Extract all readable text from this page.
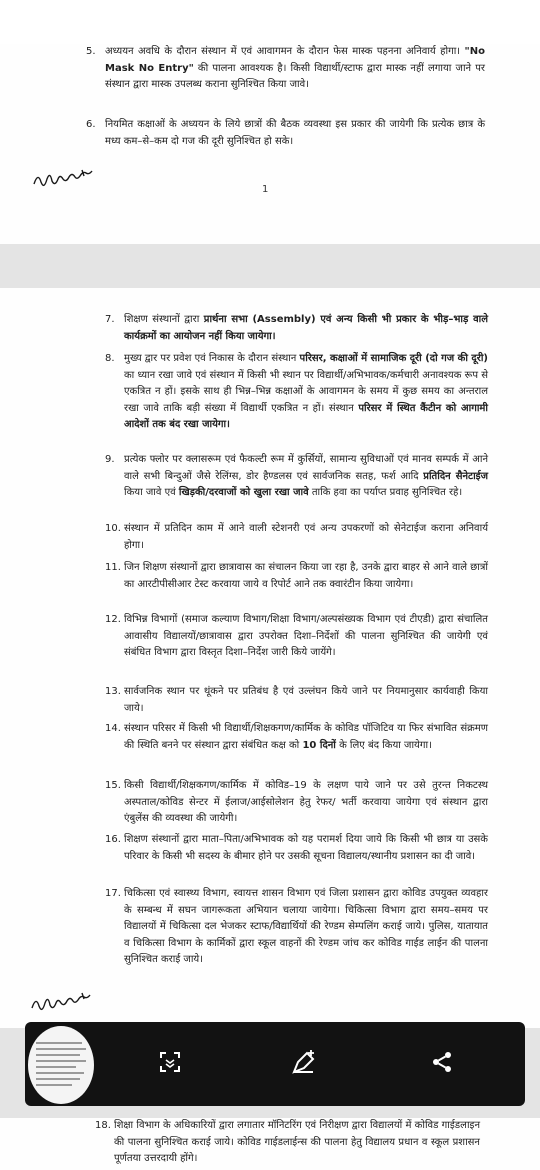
5. अध्ययन अवधि के दौरान संस्थान में एवं आवागमन के दौरान फेस मास्क पहनना अनिवार्य होगा। "No Mask No Entry" की पालना आवश्यक है। किसी विद्यार्थी/स्टाफ द्वारा मास्क नहीं लगाया जाने पर संस्थान द्वारा मास्क उपलब्ध कराना सुनिश्चित किया जावे।
6. नियमित कक्षाओं के अध्ययन के लिये छात्रों की बैठक व्यवस्था इस प्रकार की जायेगी कि प्रत्येक छात्र के मध्य कम–से–कम दो गज की दूरी सुनिश्चित हो सके।
1
7. शिक्षण संस्थानों द्वारा प्रार्थना सभा (Assembly) एवं अन्य किसी भी प्रकार के भीड़–भाड़ वाले कार्यक्रमों का आयोजन नहीं किया जायेगा।
8. मुख्य द्वार पर प्रवेश एवं निकास के दौरान संस्थान परिसर, कक्षाओं में सामाजिक दूरी (दो गज की दूरी) का ध्यान रखा जावे एवं संस्थान में किसी भी स्थान पर विद्यार्थी/अभिभावक/कर्मचारी अनावश्यक रूप से एकत्रित न हों। इसके साथ ही भिन्न–भिन्न कक्षाओं के आवागमन के समय में कुछ समय का अन्तराल रखा जावे ताकि बड़ी संख्या में विद्यार्थी एकत्रित न हों। संस्थान परिसर में स्थित कैंटीन को आगामी आदेशों तक बंद रखा जायेगा।
9. प्रत्येक फ्लोर पर क्लासरूम एवं फैकल्टी रूम में कुर्सियों, सामान्य सुविधाओं एवं मानव सम्पर्क में आने वाले सभी बिन्दुओं जैसे रेलिंग्स, डोर हैण्डलस एवं सार्वजनिक सतह, फर्श आदि प्रतिदिन सैनेटाईज किया जावे एवं खिड़की/दरवाजों को खुला रखा जावे ताकि हवा का पर्याप्त प्रवाह सुनिश्चित रहे।
10. संस्थान में प्रतिदिन काम में आने वाली स्टेशनरी एवं अन्य उपकरणों को सेनेटाईज कराना अनिवार्य होगा।
11. जिन शिक्षण संस्थानों द्वारा छात्रावास का संचालन किया जा रहा है, उनके द्वारा बाहर से आने वाले छात्रों का आरटीपीसीआर टेस्ट करवाया जाये व रिपोर्ट आने तक क्वारंटीन किया जायेगा।
12. विभिन्न विभागों (समाज कल्याण विभाग/शिक्षा विभाग/अल्पसंख्यक विभाग एवं टीएडी) द्वारा संचालित आवासीय विद्यालयों/छात्रावास द्वारा उपरोक्त दिशा–निर्देशों की पालना सुनिश्चित की जायेगी एवं संबंधित विभाग द्वारा विस्तृत दिशा–निर्देश जारी किये जायेंगे।
13. सार्वजनिक स्थान पर थूंकने पर प्रतिबंध है एवं उल्लंघन किये जाने पर नियमानुसार कार्यवाही किया जाये।
14. संस्थान परिसर में किसी भी विद्यार्थी/शिक्षकगण/कार्मिक के कोविड पॉजिटिव या फिर संभावित संक्रमण की स्थिति बनने पर संस्थान द्वारा संबंधित कक्ष को 10 दिनों के लिए बंद किया जायेगा।
15. किसी विद्यार्थी/शिक्षकगण/कार्मिक में कोविड–19 के लक्षण पाये जाने पर उसे तुरन्त निकटस्थ अस्पताल/कोविड सेन्टर में ईलाज/आईसोलेशन हेतु रेफर/ भर्ती करवाया जायेगा एवं संस्थान द्वारा एंबुलेंस की व्यवस्था की जायेगी।
16. शिक्षण संस्थानों द्वारा माता–पिता/अभिभावक को यह परामर्श दिया जाये कि किसी भी छात्र या उसके परिवार के किसी भी सदस्य के बीमार होने पर उसकी सूचना विद्यालय/स्थानीय प्रशासन का दी जावे।
17. चिकित्सा एवं स्वास्थ्य विभाग, स्वायत्त शासन विभाग एवं जिला प्रशासन द्वारा कोविड उपयुक्त व्यवहार के सम्बन्ध में सघन जागरूकता अभियान चलाया जायेगा। चिकित्सा विभाग द्वारा समय–समय पर विद्यालयों में चिकित्सा दल भेजकर स्टाफ/विद्यार्थियों की रेण्डम सेम्पलिंग कराई जाये। पुलिस, यातायात व चिकित्सा विभाग के कार्मिकों द्वारा स्कूल वाहनों की रेण्डम जांच कर कोविड गाईड लाईन की पालना सुनिश्चित कराई जाये।
18. शिक्षा विभाग के अधिकारियों द्वारा लगातार मॉनिटरिंग एवं निरीक्षण द्वारा विद्यालयों में कोविड गाईडलाइन की पालना सुनिश्चित कराई जाये। कोविड गाईडलाईन्स की पालना हेतु विद्यालय प्रधान व स्कूल प्रशासन पूर्णतया उत्तरदायी होंगे।
